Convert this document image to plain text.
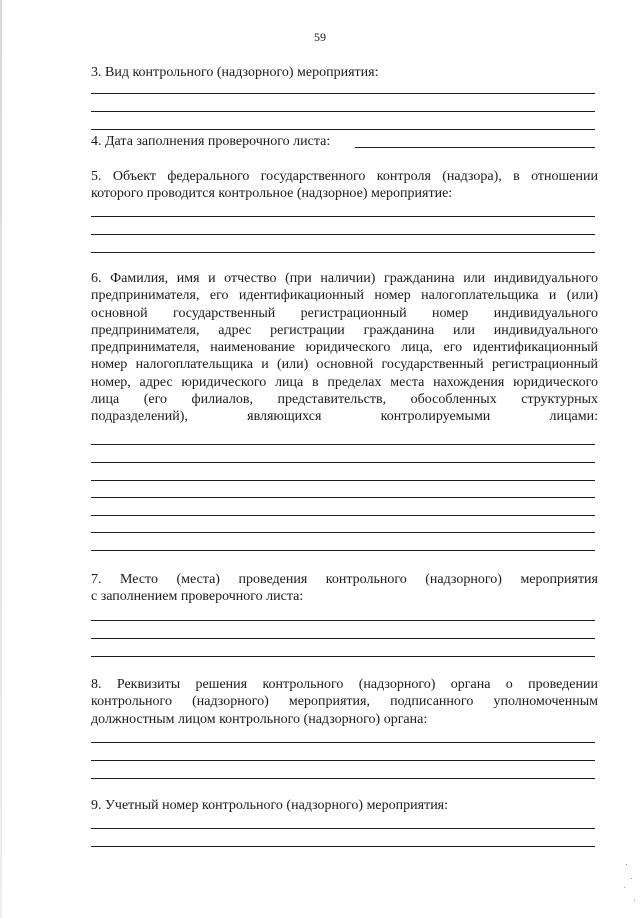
59
3. Вид контрольного (надзорного) мероприятия:
4. Дата заполнения проверочного листа:
5. Объект федерального государственного контроля (надзора), в отношении
которого проводится контрольное (надзорное) мероприятие:
6. Фамилия, имя и отчество (при наличии) гражданина или индивидуального
предпринимателя, его идентификационный номер налогоплательщика и (или)
основной государственный регистрационный номер индивидуального
предпринимателя, адрес регистрации гражданина или индивидуального
предпринимателя, наименование юридического лица, его идентификационный
номер налогоплательщика и (или) основной государственный регистрационный
номер, адрес юридического лица в пределах места нахождения юридического
лица (его филиалов, представительств, обособленных структурных
подразделений), являющихся контролируемыми лицами:
7. Место (места) проведения контрольного (надзорного) мероприятия
с заполнением проверочного листа:
8. Реквизиты решения контрольного (надзорного) органа о проведении
контрольного (надзорного) мероприятия, подписанного уполномоченным
должностным лицом контрольного (надзорного) органа:
9. Учетный номер контрольного (надзорного) мероприятия:
